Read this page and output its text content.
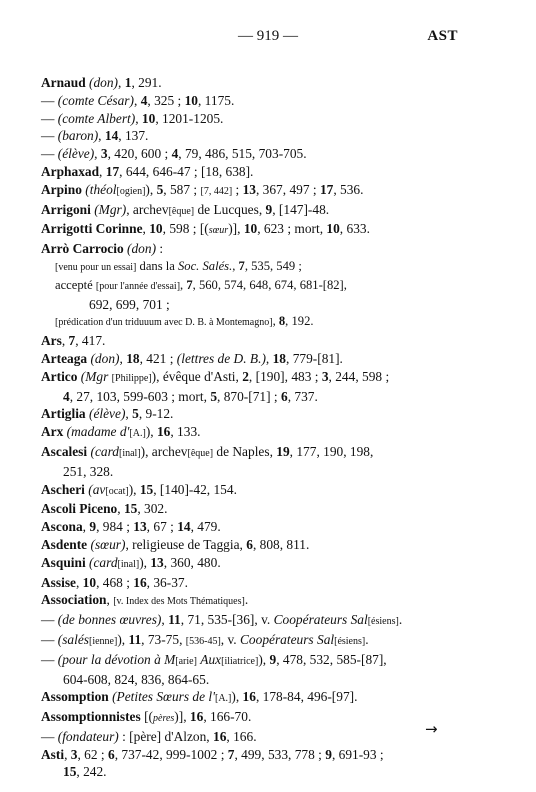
— 919 —	AST
Arnaud (don), 1, 291.
— (comte César), 4, 325 ; 10, 1175.
— (comte Albert), 10, 1201-1205.
— (baron), 14, 137.
— (élève), 3, 420, 600 ; 4, 79, 486, 515, 703-705.
Arphaxad, 17, 644, 646-47 ; [18, 638].
Arpino (théol[ogien]), 5, 587 ; [7, 442] ; 13, 367, 497 ; 17, 536.
Arrigoni (Mgr), archev[êque] de Lucques, 9, [147]-48.
Arrigotti Corinne, 10, 598 ; [(sœur)], 10, 623 ; mort, 10, 633.
Arrò Carrocio (don) :
[venu pour un essai] dans la Soc. Salés., 7, 535, 549 ;
accepté [pour l'année d'essai], 7, 560, 574, 648, 674, 681-[82],
692, 699, 701 ;
[prédication d'un triduuum avec D. B. à Montemagno], 8, 192.
Ars, 7, 417.
Arteaga (don), 18, 421 ; (lettres de D. B.), 18, 779-[81].
Artico (Mgr [Philippe]), évêque d'Asti, 2, [190], 483 ; 3, 244, 598 ;
4, 27, 103, 599-603 ; mort, 5, 870-[71] ; 6, 737.
Artiglia (élève), 5, 9-12.
Arx (madame d'[A.]), 16, 133.
Ascalesi (card[inal]), archev[êque] de Naples, 19, 177, 190, 198,
251, 328.
Ascheri (av[ocat]), 15, [140]-42, 154.
Ascoli Piceno, 15, 302.
Ascona, 9, 984 ; 13, 67 ; 14, 479.
Asdente (sœur), religieuse de Taggia, 6, 808, 811.
Asquini (card[inal]), 13, 360, 480.
Assise, 10, 468 ; 16, 36-37.
Association, [v. Index des Mots Thématiques].
— (de bonnes œuvres), 11, 71, 535-[36], v. Coopérateurs Sal[ésiens].
— (salés[ienne]), 11, 73-75, [536-45], v. Coopérateurs Sal[ésiens].
— (pour la dévotion à M[arie] Aux[iliatrice]), 9, 478, 532, 585-[87],
604-608, 824, 836, 864-65.
Assomption (Petites Sœurs de l'[A.]), 16, 178-84, 496-[97].
Assomptionnistes [(pères)], 16, 166-70.
— (fondateur) : [père] d'Alzon, 16, 166.
Asti, 3, 62 ; 6, 737-42, 999-1002 ; 7, 499, 533, 778 ; 9, 691-93 ;
15, 242.
→
